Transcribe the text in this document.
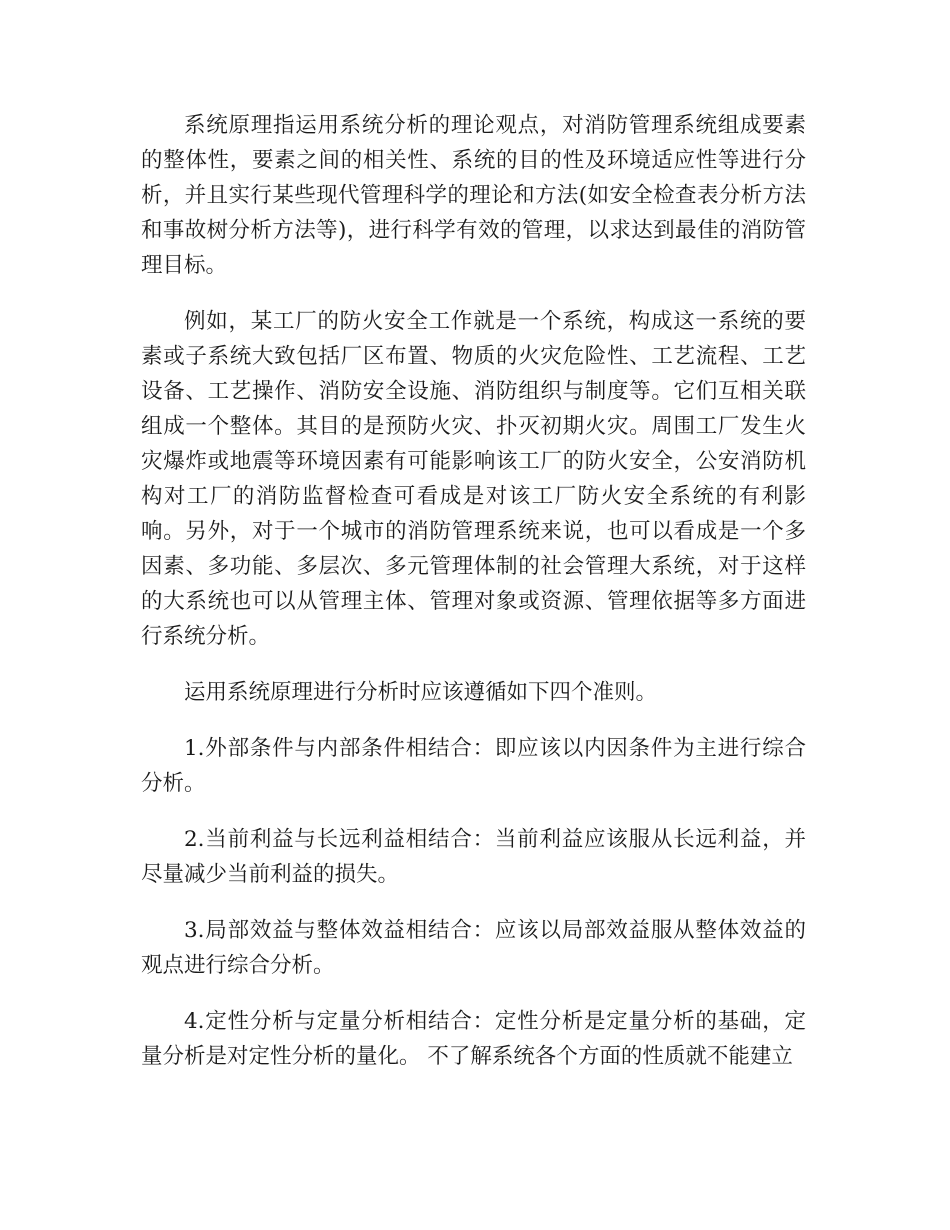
系统原理指运用系统分析的理论观点，对消防管理系统组成要素的整体性，要素之间的相关性、系统的目的性及环境适应性等进行分析，并且实行某些现代管理科学的理论和方法(如安全检查表分析方法和事故树分析方法等)，进行科学有效的管理，以求达到最佳的消防管理目标。

例如，某工厂的防火安全工作就是一个系统，构成这一系统的要素或子系统大致包括厂区布置、物质的火灾危险性、工艺流程、工艺设备、工艺操作、消防安全设施、消防组织与制度等。它们互相关联组成一个整体。其目的是预防火灾、扑灭初期火灾。周围工厂发生火灾爆炸或地震等环境因素有可能影响该工厂的防火安全，公安消防机构对工厂的消防监督检查可看成是对该工厂防火安全系统的有利影响。另外，对于一个城市的消防管理系统来说，也可以看成是一个多因素、多功能、多层次、多元管理体制的社会管理大系统，对于这样的大系统也可以从管理主体、管理对象或资源、管理依据等多方面进行系统分析。

运用系统原理进行分析时应该遵循如下四个准则。

1.外部条件与内部条件相结合：即应该以内因条件为主进行综合分析。

2.当前利益与长远利益相结合：当前利益应该服从长远利益，并尽量减少当前利益的损失。

3.局部效益与整体效益相结合：应该以局部效益服从整体效益的观点进行综合分析。

4.定性分析与定量分析相结合：定性分析是定量分析的基础，定量分析是对定性分析的量化。 不了解系统各个方面的性质就不能建立
